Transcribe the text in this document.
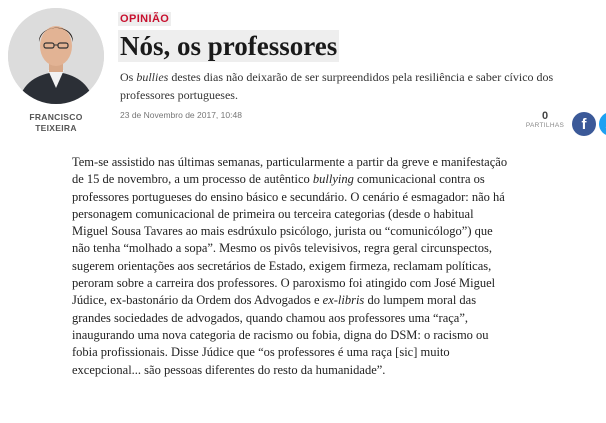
FRANCISCO
TEIXEIRA
OPINIÃO
Nós, os professores
Os bullies destes dias não deixarão de ser surpreendidos pela resiliência e saber cívico dos professores portugueses.
23 de Novembro de 2017, 10:48	0
PARTILHAS	f

Tem-se assistido nas últimas semanas, particularmente a partir da greve e manifestação de 15 de novembro, a um processo de autêntico bullying comunicacional contra os professores portugueses do ensino básico e secundário. O cenário é esmagador: não há personagem comunicacional de primeira ou terceira categorias (desde o habitual Miguel Sousa Tavares ao mais esdrúxulo psicólogo, jurista ou “comunicólogo”) que não tenha “molhado a sopa”. Mesmo os pivôs televisivos, regra geral circunspectos, sugerem orientações aos secretários de Estado, exigem firmeza, reclamam políticas, peroram sobre a carreira dos professores. O paroxismo foi atingido com José Miguel Júdice, ex-bastonário da Ordem dos Advogados e ex-libris do lumpem moral das grandes sociedades de advogados, quando chamou aos professores uma “raça”, inaugurando uma nova categoria de racismo ou fobia, digna do DSM: o racismo ou fobia profissionais. Disse Júdice que “os professores é uma raça [sic] muito excepcional... são pessoas diferentes do resto da humanidade”.
